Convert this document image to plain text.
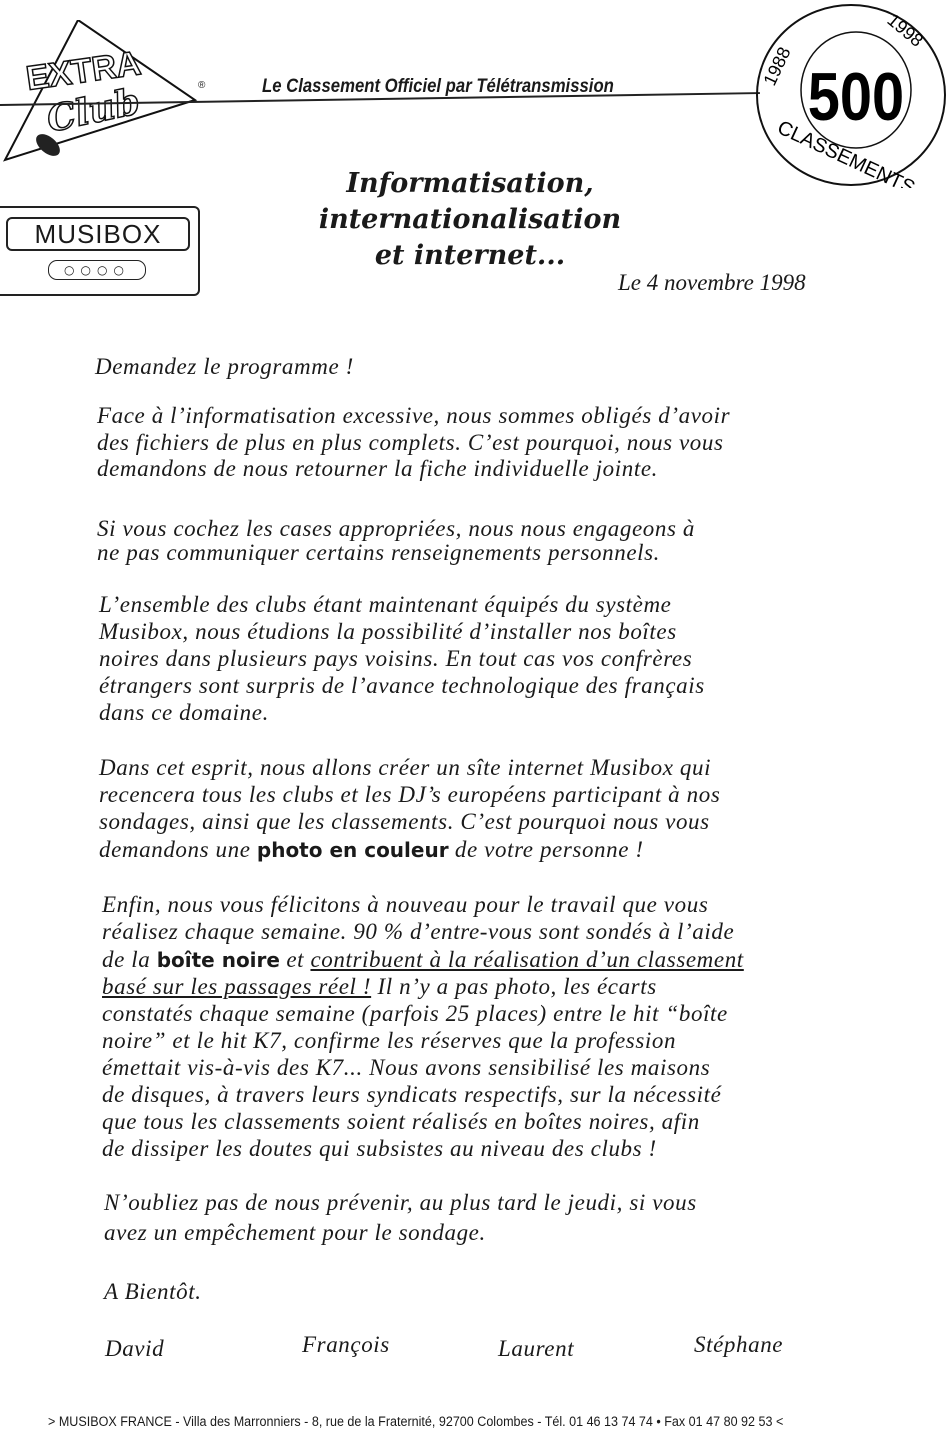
EXTRA
Club	®	Le Classement Officiel par Télétransmission	500
1988
1998
CLASSEMENTS
MUSIBOX
○○○○
Informatisation,
internationalisation
et internet...
Le 4 novembre 1998
Demandez le programme !
Face à l’informatisation excessive, nous sommes obligés d’avoir
des fichiers de plus en plus complets. C’est pourquoi, nous vous
demandons de nous retourner la fiche individuelle jointe.
Si vous cochez les cases appropriées, nous nous engageons à
ne pas communiquer certains renseignements personnels.
L’ensemble des clubs étant maintenant équipés du système
Musibox, nous étudions la possibilité d’installer nos boîtes
noires dans plusieurs pays voisins. En tout cas vos confrères
étrangers sont surpris de l’avance technologique des français
dans ce domaine.
Dans cet esprit, nous allons créer un sîte internet Musibox qui
recencera tous les clubs et les DJ’s européens participant à nos
sondages, ainsi que les classements. C’est pourquoi nous vous
demandons une photo en couleur de votre personne !
Enfin, nous vous félicitons à nouveau pour le travail que vous
réalisez chaque semaine. 90 % d’entre-vous sont sondés à l’aide
de la boîte noire et contribuent à la réalisation d’un classement
basé sur les passages réel ! Il n’y a pas photo, les écarts
constatés chaque semaine (parfois 25 places) entre le hit “boîte
noire” et le hit K7, confirme les réserves que la profession
émettait vis-à-vis des K7... Nous avons sensibilisé les maisons
de disques, à travers leurs syndicats respectifs, sur la nécessité
que tous les classements soient réalisés en boîtes noires, afin
de dissiper les doutes qui subsistes au niveau des clubs !
N’oubliez pas de nous prévenir, au plus tard le jeudi, si vous
avez un empêchement pour le sondage.
A Bientôt.
David	François	Laurent	Stéphane
> MUSIBOX FRANCE - Villa des Marronniers - 8, rue de la Fraternité, 92700 Colombes - Tél. 01 46 13 74 74 • Fax 01 47 80 92 53 <
